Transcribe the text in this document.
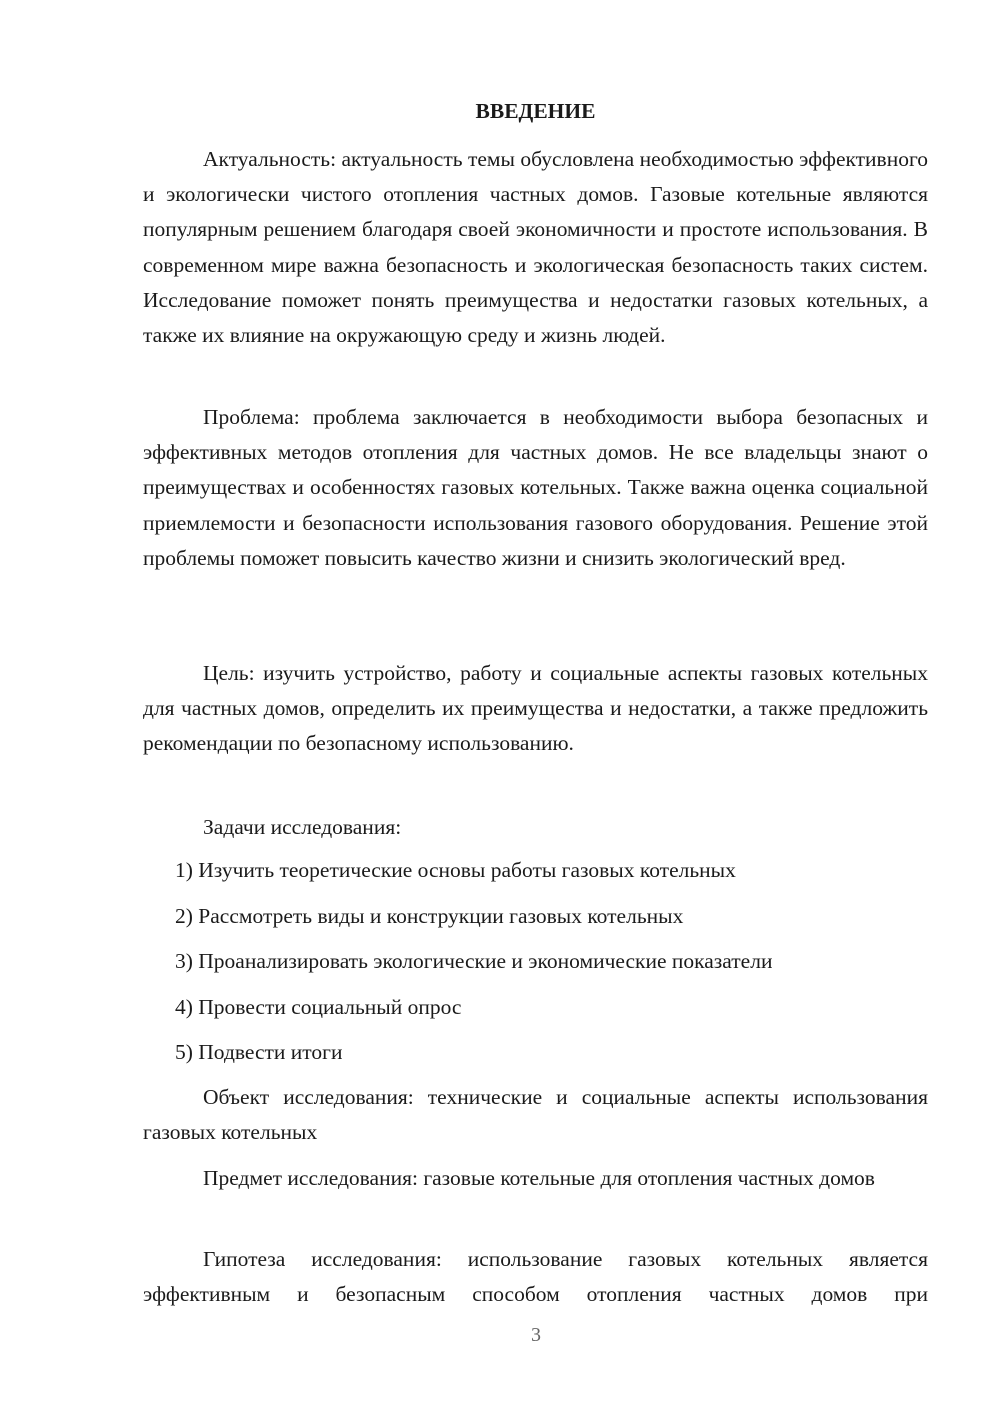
ВВЕДЕНИЕ

Актуальность: актуальность темы обусловлена необходимостью эффективного и экологически чистого отопления частных домов. Газовые котельные являются популярным решением благодаря своей экономичности и простоте использования. В современном мире важна безопасность и экологическая безопасность таких систем. Исследование поможет понять преимущества и недостатки газовых котельных, а также их влияние на окружающую среду и жизнь людей.

Проблема: проблема заключается в необходимости выбора безопасных и эффективных методов отопления для частных домов. Не все владельцы знают о преимуществах и особенностях газовых котельных. Также важна оценка социальной приемлемости и безопасности использования газового оборудования. Решение этой проблемы поможет повысить качество жизни и снизить экологический вред.

Цель: изучить устройство, работу и социальные аспекты газовых котельных для частных домов, определить их преимущества и недостатки, а также предложить рекомендации по безопасному использованию.

Задачи исследования:

1) Изучить теоретические основы работы газовых котельных

2) Рассмотреть виды и конструкции газовых котельных

3) Проанализировать экологические и экономические показатели

4) Провести социальный опрос

5) Подвести итоги

Объект исследования: технические и социальные аспекты использования газовых котельных

Предмет исследования: газовые котельные для отопления частных домов

Гипотеза исследования: использование газовых котельных является эффективным и безопасным способом отопления частных домов при

3
